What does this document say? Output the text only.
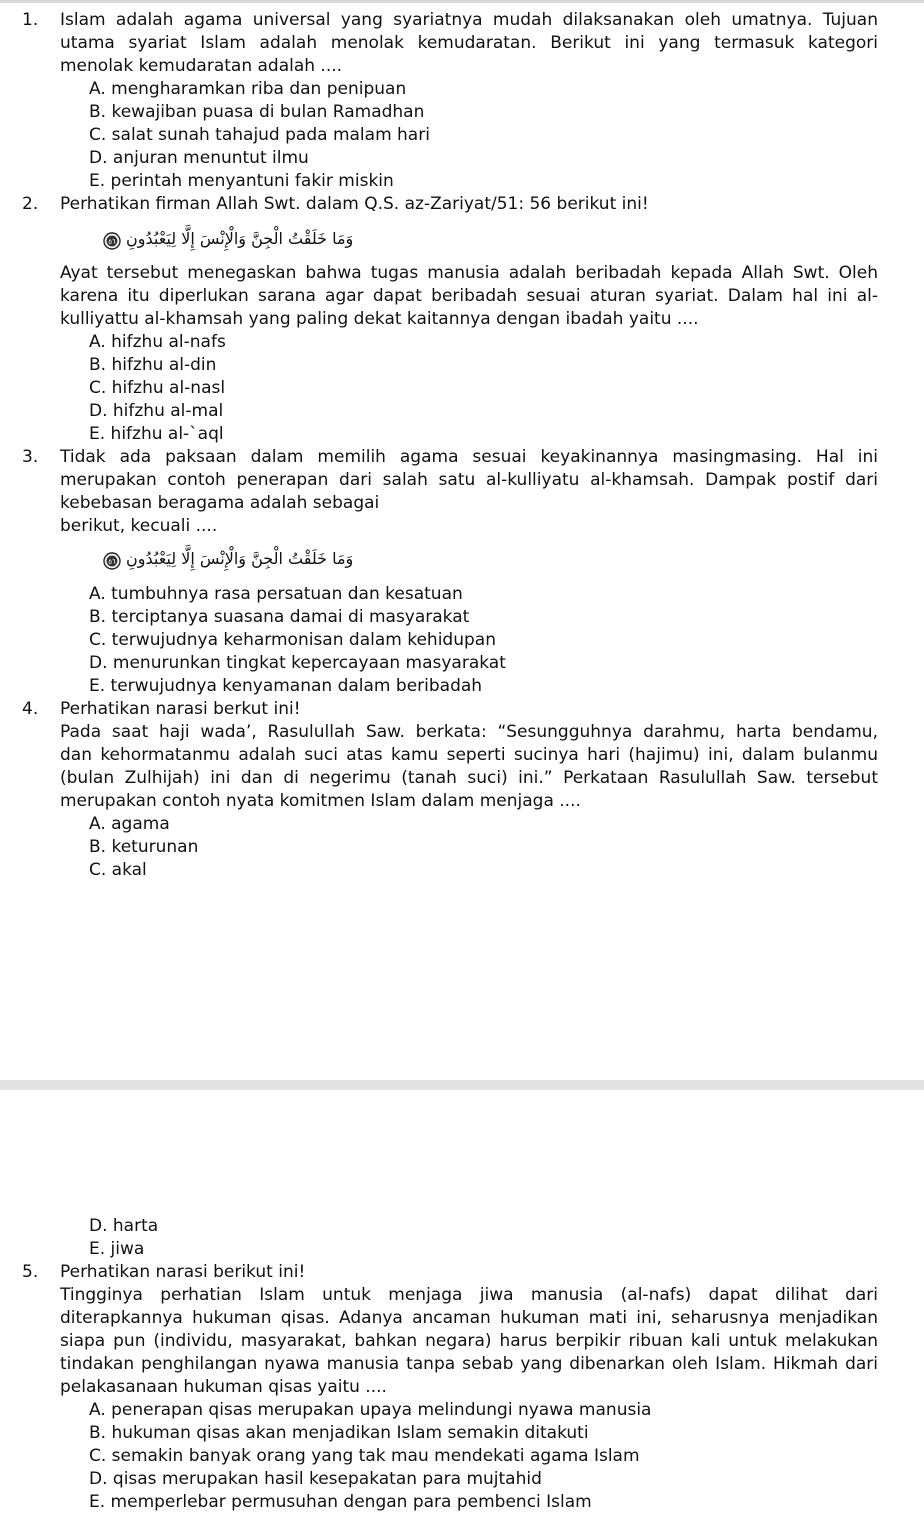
1. Islam adalah agama universal yang syariatnya mudah dilaksanakan oleh umatnya. Tujuan
utama syariat Islam adalah menolak kemudaratan. Berikut ini yang termasuk kategori
menolak kemudaratan adalah ....
A. mengharamkan riba dan penipuan
B. kewajiban puasa di bulan Ramadhan
C. salat sunah tahajud pada malam hari
D. anjuran menuntut ilmu
E. perintah menyantuni fakir miskin
2. Perhatikan firman Allah Swt. dalam Q.S. az-Zariyat/51: 56 berikut ini!
٥٦ وَمَا خَلَقْتُ الْجِنَّ وَالْإِنْسَ إِلَّا لِيَعْبُدُونِ
Ayat tersebut menegaskan bahwa tugas manusia adalah beribadah kepada Allah Swt. Oleh
karena itu diperlukan sarana agar dapat beribadah sesuai aturan syariat. Dalam hal ini al-
kulliyattu al-khamsah yang paling dekat kaitannya dengan ibadah yaitu ....
A. hifzhu al-nafs
B. hifzhu al-din
C. hifzhu al-nasl
D. hifzhu al-mal
E. hifzhu al-`aql
3. Tidak ada paksaan dalam memilih agama sesuai keyakinannya masingmasing. Hal ini
merupakan contoh penerapan dari salah satu al-kulliyatu al-khamsah. Dampak postif dari
kebebasan beragama adalah sebagai
berikut, kecuali ....
٥٦ وَمَا خَلَقْتُ الْجِنَّ وَالْإِنْسَ إِلَّا لِيَعْبُدُونِ
A. tumbuhnya rasa persatuan dan kesatuan
B. terciptanya suasana damai di masyarakat
C. terwujudnya keharmonisan dalam kehidupan
D. menurunkan tingkat kepercayaan masyarakat
E. terwujudnya kenyamanan dalam beribadah
4. Perhatikan narasi berkut ini!
Pada saat haji wada’, Rasulullah Saw. berkata: “Sesungguhnya darahmu, harta bendamu,
dan kehormatanmu adalah suci atas kamu seperti sucinya hari (hajimu) ini, dalam bulanmu
(bulan Zulhijah) ini dan di negerimu (tanah suci) ini.” Perkataan Rasulullah Saw. tersebut
merupakan contoh nyata komitmen Islam dalam menjaga ....
A. agama
B. keturunan
C. akal
D. harta
E. jiwa
5. Perhatikan narasi berikut ini!
Tingginya perhatian Islam untuk menjaga jiwa manusia (al-nafs) dapat dilihat dari
diterapkannya hukuman qisas. Adanya ancaman hukuman mati ini, seharusnya menjadikan
siapa pun (individu, masyarakat, bahkan negara) harus berpikir ribuan kali untuk melakukan
tindakan penghilangan nyawa manusia tanpa sebab yang dibenarkan oleh Islam. Hikmah dari
pelakasanaan hukuman qisas yaitu ....
A. penerapan qisas merupakan upaya melindungi nyawa manusia
B. hukuman qisas akan menjadikan Islam semakin ditakuti
C. semakin banyak orang yang tak mau mendekati agama Islam
D. qisas merupakan hasil kesepakatan para mujtahid
E. memperlebar permusuhan dengan para pembenci Islam
